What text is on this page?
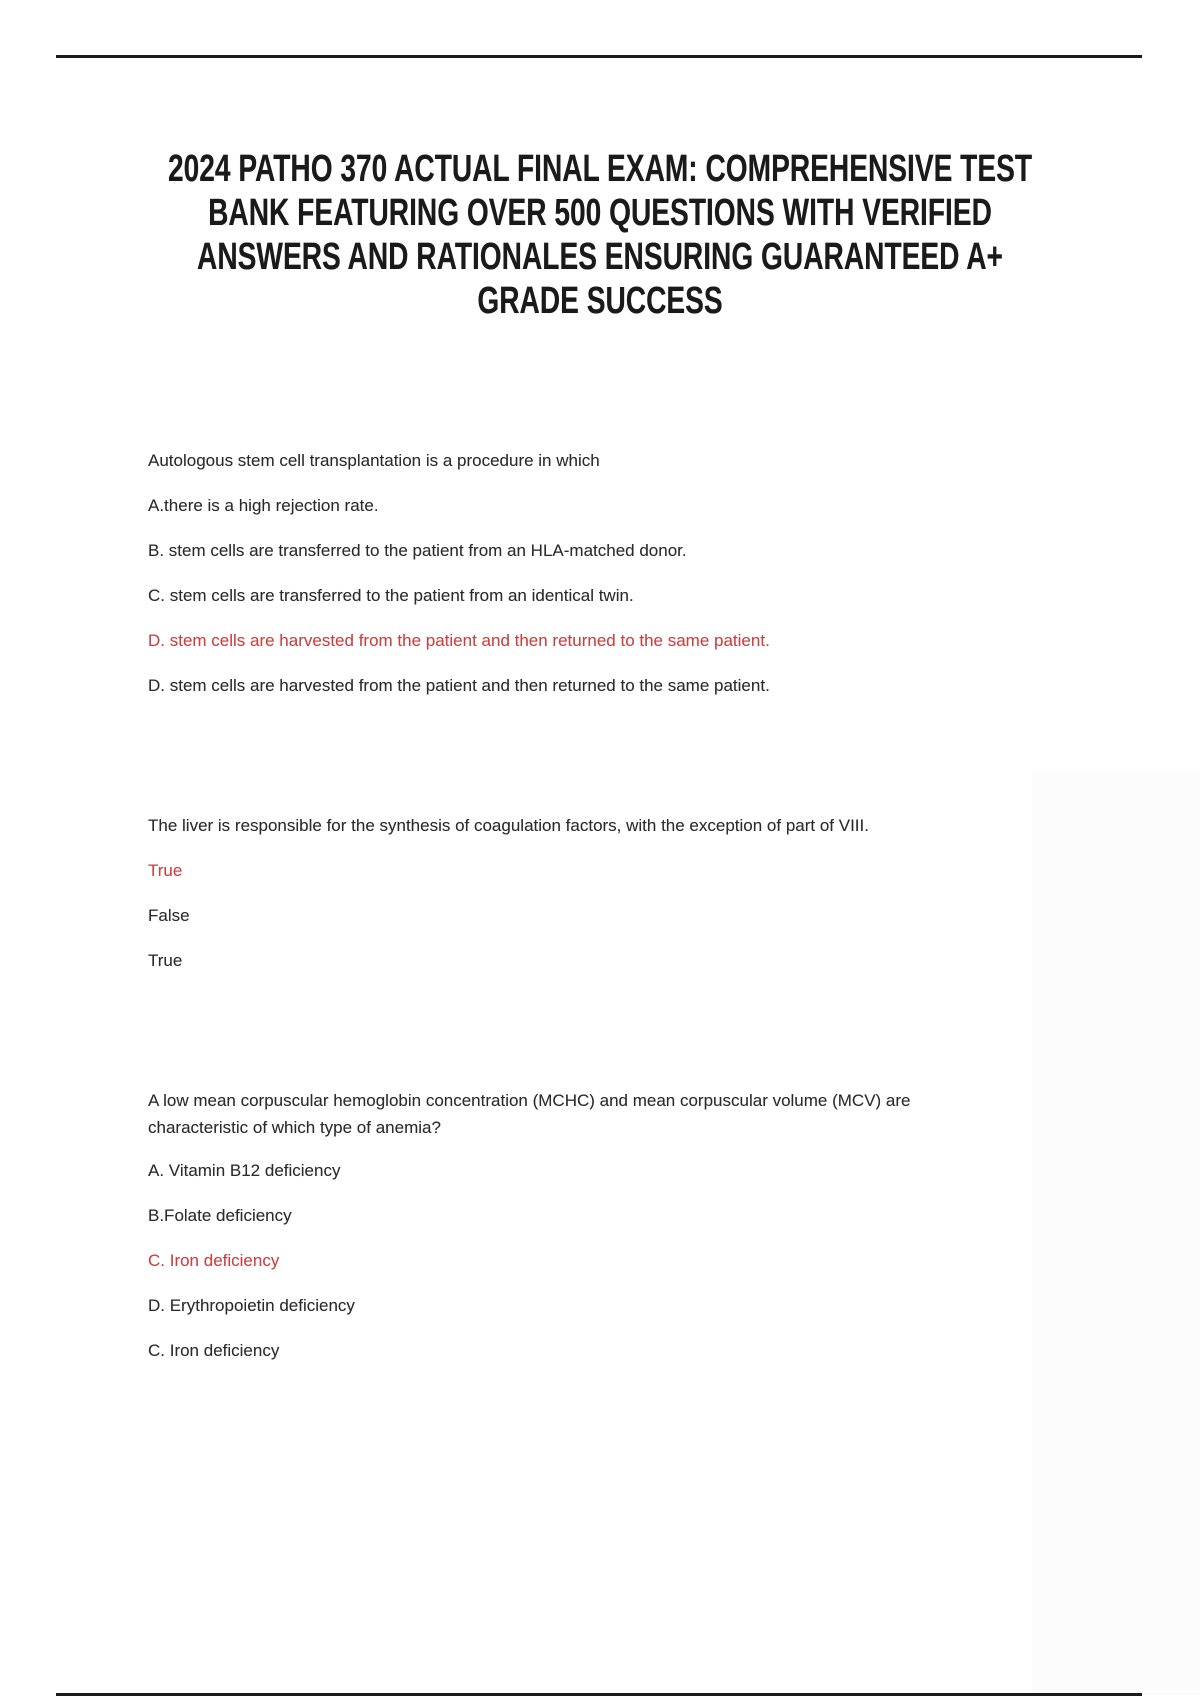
2024 PATHO 370 ACTUAL FINAL EXAM: COMPREHENSIVE TEST
BANK FEATURING OVER 500 QUESTIONS WITH VERIFIED
ANSWERS AND RATIONALES ENSURING GUARANTEED A+
GRADE SUCCESS

Autologous stem cell transplantation is a procedure in which

A.there is a high rejection rate.

B. stem cells are transferred to the patient from an HLA-matched donor.

C. stem cells are transferred to the patient from an identical twin.

D. stem cells are harvested from the patient and then returned to the same patient.

D. stem cells are harvested from the patient and then returned to the same patient.

The liver is responsible for the synthesis of coagulation factors, with the exception of part of VIII.

True

False

True

A low mean corpuscular hemoglobin concentration (MCHC) and mean corpuscular volume (MCV) are characteristic of which type of anemia?

A. Vitamin B12 deficiency

B.Folate deficiency

C. Iron deficiency

D. Erythropoietin deficiency

C. Iron deficiency
